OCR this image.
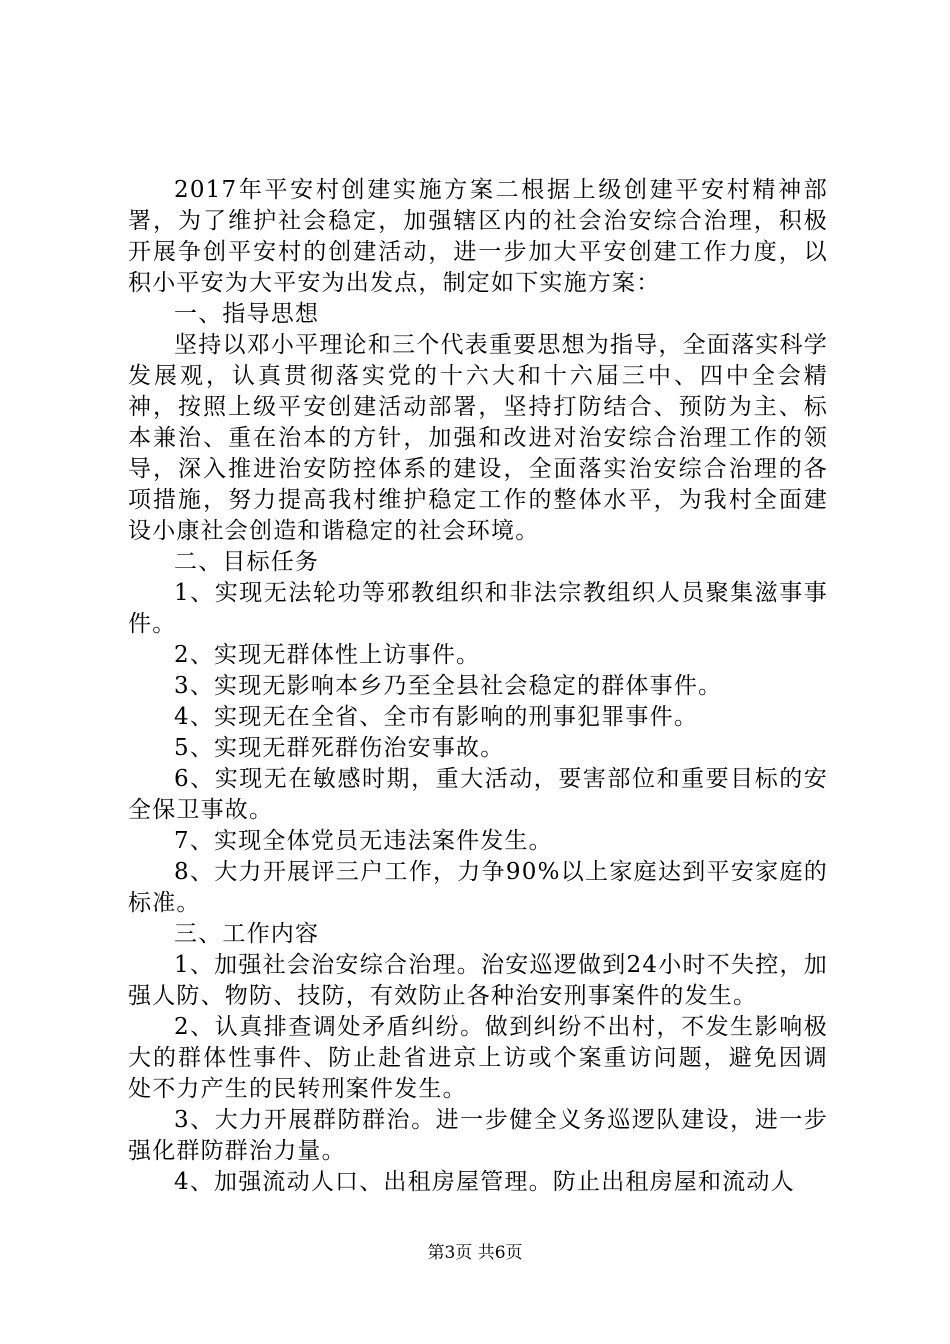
2017年平安村创建实施方案二根据上级创建平安村精神部署，为了维护社会稳定，加强辖区内的社会治安综合治理，积极开展争创平安村的创建活动，进一步加大平安创建工作力度，以积小平安为大平安为出发点，制定如下实施方案：

一、指导思想

坚持以邓小平理论和三个代表重要思想为指导，全面落实科学发展观，认真贯彻落实党的十六大和十六届三中、四中全会精神，按照上级平安创建活动部署，坚持打防结合、预防为主、标本兼治、重在治本的方针，加强和改进对治安综合治理工作的领导，深入推进治安防控体系的建设，全面落实治安综合治理的各项措施，努力提高我村维护稳定工作的整体水平，为我村全面建设小康社会创造和谐稳定的社会环境。

二、目标任务

1、实现无法轮功等邪教组织和非法宗教组织人员聚集滋事事件。

2、实现无群体性上访事件。

3、实现无影响本乡乃至全县社会稳定的群体事件。

4、实现无在全省、全市有影响的刑事犯罪事件。

5、实现无群死群伤治安事故。

6、实现无在敏感时期，重大活动，要害部位和重要目标的安全保卫事故。

7、实现全体党员无违法案件发生。

8、大力开展评三户工作，力争90%以上家庭达到平安家庭的标准。

三、工作内容

1、加强社会治安综合治理。治安巡逻做到24小时不失控，加强人防、物防、技防，有效防止各种治安刑事案件的发生。

2、认真排查调处矛盾纠纷。做到纠纷不出村，不发生影响极大的群体性事件、防止赴省进京上访或个案重访问题，避免因调处不力产生的民转刑案件发生。

3、大力开展群防群治。进一步健全义务巡逻队建设，进一步强化群防群治力量。

4、加强流动人口、出租房屋管理。防止出租房屋和流动人

第3页 共6页
